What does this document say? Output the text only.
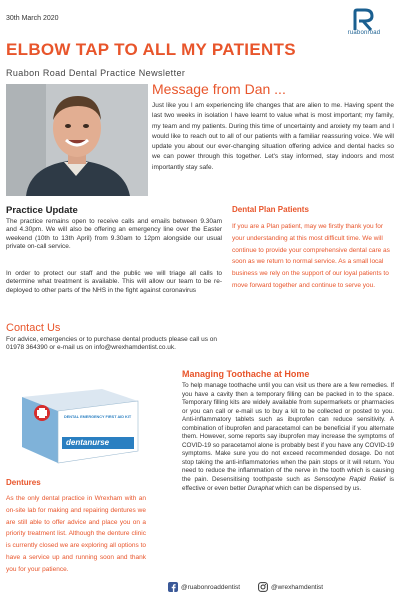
30th March 2020
ruabonroad
ELBOW TAP TO ALL MY PATIENTS
Ruabon Road Dental Practice Newsletter
Message from Dan ...
Just like you I am experiencing life changes that are alien to me. Having spent the last two weeks in isolation I have learnt to value what is most important; my family, my team and my patients. During this time of uncertainty and anxiety my team and I would like to reach out to all of our patients with a familiar reassuring voice. We will update you about our ever-changing situation offering advice and dental hacks so we can power through this together. Let's stay informed, stay indoors and most importantly stay safe.
Practice Update
The practice remains open to receive calls and emails between 9.30am and 4.30pm. We will also be offering an emergency line over the Easter weekend (10th to 13th April) from 9.30am to 12pm alongside our usual private on-call service.
In order to protect our staff and the public we will triage all calls to determine what treatment is available. This will allow our team to be re-deployed to other parts of the NHS in the fight against coronavirus
Contact Us
For advice, emergencies or to purchase dental products please call us on 01978 364390 or e-mail us on info@wrexhamdentist.co.uk.
Dental Plan Patients
If you are a Plan patient, may we firstly thank you for your understanding at this most difficult time. We will continue to provide your comprehensive dental care as soon as we return to normal service. As a small local business we rely on the support of our loyal patients to move forward together and continue to serve you.
DENTAL EMERGENCY FIRST AID KIT
dentanurse
Dentures
As the only dental practice in Wrexham with an on-site lab for making and repairing dentures we are still able to offer advice and place you on a priority treatment list. Although the denture clinic is currently closed we are exploring all options to have a service up and running soon and thank you for your patience.
Managing Toothache at Home
To help manage toothache until you can visit us there are a few remedies. If you have a cavity then a temporary filling can be packed in to the space. Temporary filling kits are widely available from supermarkets or pharmacies or you can call or e-mail us to buy a kit to be collected or posted to you. Anti-inflammatory tablets such as ibuprofen can reduce sensitivity. A combination of ibuprofen and paracetamol can be beneficial if you alternate them. However, some reports say ibuprofen may increase the symptoms of COVID-19 so paracetamol alone is probably best if you have any COVID-19 symptoms. Make sure you do not exceed recommended dosage. Do not stop taking the anti-inflammatories when the pain stops or it will return. You need to reduce the inflammation of the nerve in the tooth which is causing the pain. Desensitising toothpaste such as Sensodyne Rapid Relief is effective or even better Duraphat which can be dispensed by us.
@ruabonroaddentist	@wrexhamdentist
